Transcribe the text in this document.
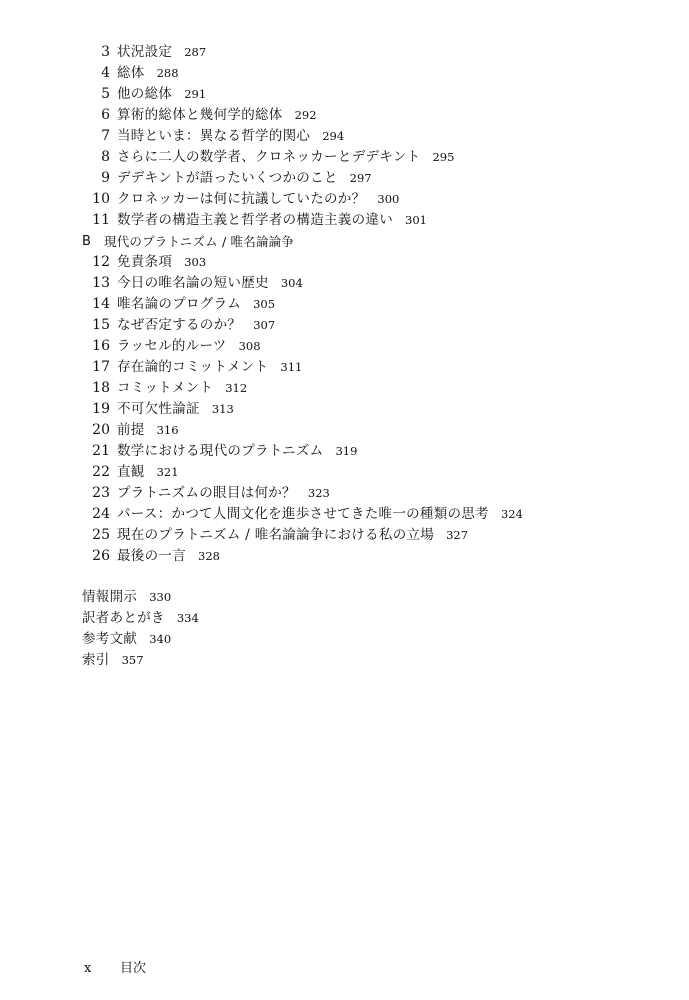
3 状況設定 287
4 総体 288
5 他の総体 291
6 算術的総体と幾何学的総体 292
7 当時といま：異なる哲学的関心 294
8 さらに二人の数学者、クロネッカーとデデキント 295
9 デデキントが語ったいくつかのこと 297
10 クロネッカーは何に抗議していたのか？ 300
11 数学者の構造主義と哲学者の構造主義の違い 301
B 現代のプラトニズム / 唯名論論争
12 免責条項 303
13 今日の唯名論の短い歴史 304
14 唯名論のプログラム 305
15 なぜ否定するのか？ 307
16 ラッセル的ルーツ 308
17 存在論的コミットメント 311
18 コミットメント 312
19 不可欠性論証 313
20 前提 316
21 数学における現代のプラトニズム 319
22 直観 321
23 プラトニズムの眼目は何か？ 323
24 パース：かつて人間文化を進歩させてきた唯一の種類の思考 324
25 現在のプラトニズム / 唯名論論争における私の立場 327
26 最後の一言 328
情報開示 330
訳者あとがき 334
参考文献 340
索引 357
x 目次
